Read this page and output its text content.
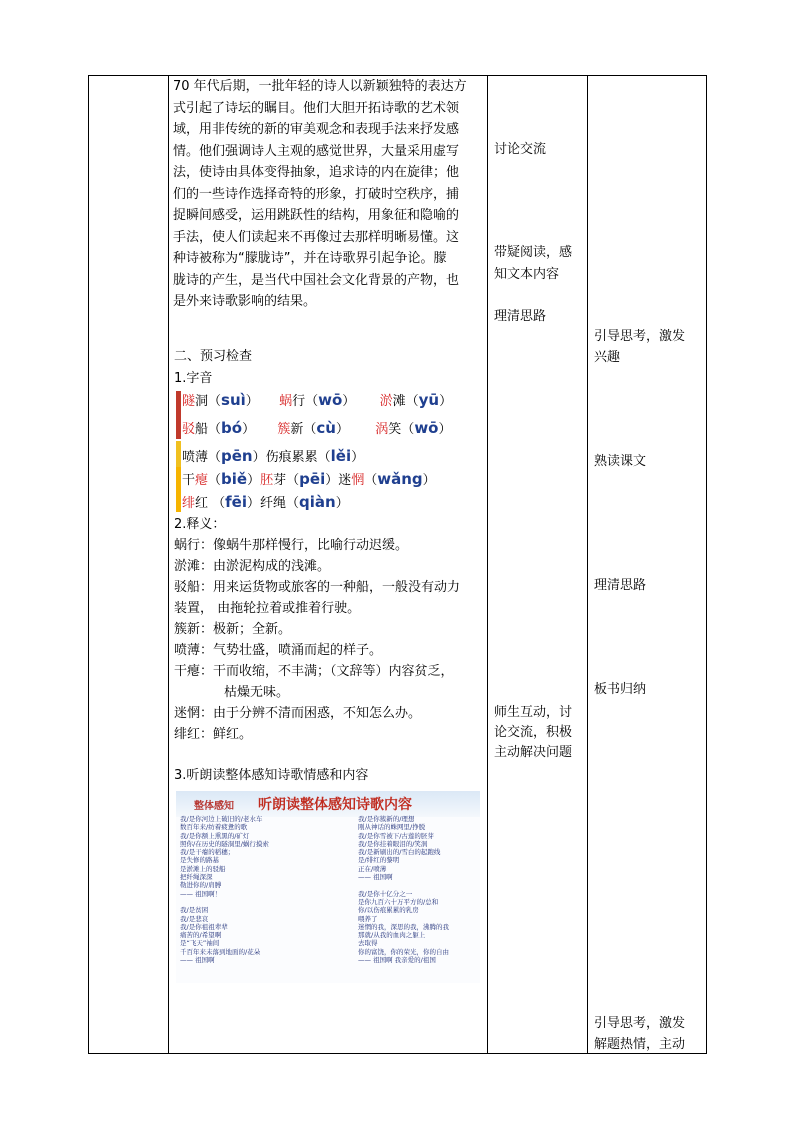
70 年代后期，一批年轻的诗人以新颖独特的表达方
式引起了诗坛的瞩目。他们大胆开拓诗歌的艺术领
域，用非传统的新的审美观念和表现手法来抒发感
情。他们强调诗人主观的感觉世界，大量采用虚写
法，使诗由具体变得抽象，追求诗的内在旋律；他
们的一些诗作选择奇特的形象，打破时空秩序，捕
捉瞬间感受，运用跳跃性的结构，用象征和隐喻的
手法，使人们读起来不再像过去那样明晰易懂。这
种诗被称为“朦胧诗”，并在诗歌界引起争论。朦
胧诗的产生，是当代中国社会文化背景的产物，也
是外来诗歌影响的结果。
二、预习检查
1.字音
隧洞（suì） 蜗行（wō） 淤滩（yū）
驳船（bó） 簇新（cù） 涡笑（wō）
喷薄（pēn）伤痕累累（lěi）
干瘪（biě）胚芽（pēi）迷惘（wǎng）
绯红 （fēi）纤绳（qiàn）
2.释义：
蜗行：像蜗牛那样慢行，比喻行动迟缓。
淤滩：由淤泥构成的浅滩。
驳船：用来运货物或旅客的一种船，一般没有动力
装置， 由拖轮拉着或推着行驶。
簇新：极新；全新。
喷薄：气势壮盛，喷涌而起的样子。
干瘪：干而收缩，不丰满；（文辞等）内容贫乏，
枯燥无味。
迷惘：由于分辨不清而困惑，不知怎么办。
绯红：鲜红。
3.听朗读整体感知诗歌情感和内容
整体感知 听朗读整体感知诗歌内容
我/是你河边上破旧的/老水车
数百年来/纺着疲惫的歌
我/是你额上熏黑的/矿灯
照你/在历史的隧洞里/蜗行摸索
我/是干瘪的稻穗；
是失修的路基
是淤滩上的驳船
把纤绳深深
勒进你的/肩膊
—— 祖国啊！

我/是贫困
我/是悲哀
我/是你祖祖辈辈
痛苦的/希望啊
是“飞天”袖间
千百年来未落到地面的/花朵
—— 祖国啊
我/是你簇新的/理想
刚从神话的蛛网里/挣脱
我/是你雪被下/古莲的胚芽
我/是你挂着眼泪的/笑涡
我/是新刷出的/雪白的起跑线
是/绯红的黎明
正在/喷薄
—— 祖国啊

我/是你十亿分之一
是你九百六十万平方的/总和
你/以伤痕累累的乳房
喂养了
迷惘的我，深思的我，沸腾的我
那就/从我的血肉之躯上
去取得
你的富饶，你的荣光，你的自由
—— 祖国啊 我亲爱的/祖国
讨论交流
带疑阅读，感
知文本内容
理清思路
师生互动，讨
论交流，积极
主动解决问题
引导思考，激发
兴趣
熟读课文
理清思路
板书归纳
引导思考，激发
解题热情，主动
